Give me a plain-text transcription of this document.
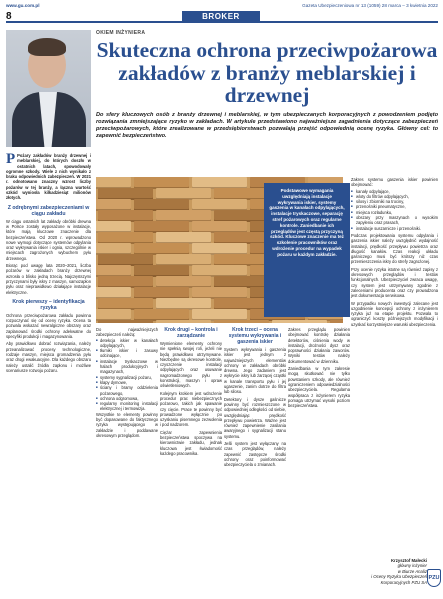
www.gu.com.pl	Gazeta Ubezpieczeniowa nr 13 (1059) 28 marca – 3 kwietnia 2022
8	BROKER

P Pożary zakładów branży drzewnej i meblarskiej, do których doszło w ostatnich latach, spowodowały ogromne szkody. Wiele z nich wynikało z braku odpowiednich zabezpieczeń. W 2021 r. odnotowano znaczny wzrost liczby pożarów w tej branży, a łączna wartość szkód wyniosła kilkadziesiąt milionów złotych.

Z odrębnymi zabezpieczeniami w ciągu zakładu

W ciągu ostatnich lat zakłady obróbki drewna w Polsce zostały wyposażone w instalacje, które mają kluczowe znaczenie dla bezpieczeństwa. Od 2020 r. wprowadzono nowe wymogi dotyczące systemów odpylania oraz wykrywania iskier i ognia, szczególnie w miejscach zagrożonych wybuchem pyłu drzewnego.

Biorąc pod uwagę lata 2020–2021, liczba pożarów w zakładach branży drzewnej wzrosła o blisko jedną trzecią. Najczęstszymi przyczynami były iskry z maszyn, samozapłon pyłu oraz nieprawidłowo działające instalacje elektryczne.

Krok pierwszy – identyfikacja ryzyka

Ochrona przeciwpożarowa zakładu powinna rozpoczynać się od oceny ryzyka. Ocena ta pozwala wskazać newralgiczne obszary oraz zaplanować środki ochrony adekwatne do specyfiki produkcji i magazynowania.

Aby prawidłowo dobrać rozwiązania, należy przeanalizować procesy technologiczne, rodzaje maszyn, miejsca gromadzenia pyłu oraz drogi ewakuacyjne. Dla każdego obszaru należy ustalić źródła zapłonu i możliwe scenariusze rozwoju pożaru.

OKIEM INŻYNIERA
Skuteczna ochrona przeciwpożarowa zakładów z branży meblarskiej i drzewnej

Do sfery kluczowych osób z branży drzewnej i meblarskiej, w tym ubezpieczanych korporacyjnych z powodzeniem podjęto rozwiązania zmniejszające ryzyko w zakładach. W artykule przedstawiono najważniejsze zagadnienia dotyczące zabezpieczeń przeciwpożarowych, które zrealizowane w przedsiębiorstwach pozwalają przejść odpowiednią ocenę ryzyka. Główny cel: to zapewnić bezpieczeństwo.

Podstawowe wymagania uwzględniają instalacje wykrywania iskier, systemy gaszenia w kanałach odpylających, instalacje tryskaczowe, separację stref pożarowych oraz regularne kontrole. Zaniedbanie ich przeglądów jest częstą przyczyną szkód. Kluczowe znaczenie ma też szkolenie pracowników oraz wdrożenie procedur na wypadek pożaru w każdym zakładzie.

Zakres systemu gaszenia iskier powinien obejmować:

■ kanały odpylające,
■ wloty do filtrów odpylających,
■ silosy i zbiorniki na trociny,
■ przenośniki pneumatyczne,
■ miejsca rozładunku,
■ obszary przy maszynach o wysokim zapyleniu oraz prasach,
■ instalacje suszarnicze i przenośniki.

Podczas projektowania systemu odpylania i gaszenia iskier należy uwzględnić wydajność instalacji, prędkość przepływu powietrza oraz długość kanałów. Czas reakcji układu gaśniczego musi być krótszy niż czas przemieszczenia iskry do strefy zagrożonej.

Przy ocenie ryzyka istotne są również zapisy z okresowych przeglądów i testów funkcjonalnych. Ubezpieczyciel zwraca uwagę, czy system jest utrzymywany zgodnie z zaleceniami producenta oraz czy prowadzona jest dokumentacja serwisowa.

W przypadku nowych inwestycji zalecane jest uzgodnienie koncepcji ochrony z inżynierem ryzyka już na etapie projektu. Pozwala to ograniczyć koszty późniejszych modyfikacji i uzyskać korzystniejsze warunki ubezpieczenia.

Do najważniejszych zabezpieczeń należą:

■ detekcja iskier w kanałach odpylających,
■ tłumiki iskier i zasuwy odcinające,
■ instalacje tryskaczowe w halach produkcyjnych i magazynach,
■ systemy sygnalizacji pożaru,
■ klapy dymowe,
■ ściany i bramy oddzielenia pożarowego,
■ ochrona odgromowa,
■ regularny monitoring instalacji elektrycznej i termowizja.

Wszystkie te elementy powinny być dopasowane do faktycznego ryzyka występującego w zakładzie i poddawane okresowym przeglądom.

Krok drugi – kontrola i zarządzanie

Wymienione elementy ochrony nie spełnią swojej roli, jeżeli nie będą prawidłowo utrzymywane. Niezbędne są okresowe kontrole, czyszczenie instalacji odpylających oraz usuwanie nagromadzonego pyłu z konstrukcji, maszyn i opraw oświetleniowych.

Kolejnym krokiem jest wdrożenie procedur prac niebezpiecznych pożarowo, takich jak spawanie czy cięcie. Prace te powinny być prowadzone wyłącznie po uzyskaniu pisemnego zezwolenia i pod nadzorem.

Ciężar zapewnienia bezpieczeństwa spoczywa na kierownictwie zakładu, jednak kluczowa jest świadomość każdego pracownika.

Krok trzeci – ocena systemu wykrywania i gaszenia iskier

System wykrywania i gaszenia iskier jest jednym z najważniejszych elementów ochrony w zakładach obróbki drewna. Jego zadaniem jest wykrycie iskry lub żarzącej cząstki w kanale transportu pyłu i jej ugaszenie, zanim dotrze do filtra lub silosu.

Detektory i dysze gaśnicze powinny być rozmieszczone w odpowiedniej odległości od siebie, uwzględniając prędkość przepływu powietrza. Ważne jest również zapewnienie zasilania awaryjnego i sygnalizacji stanu systemu.

Jeśli system jest wyłączany na czas przeglądów, należy zapewnić zastępcze środki ochrony oraz poinformować ubezpieczyciela o zmianach.

Zakres przeglądu powinien obejmować kontrolę działania detektorów, ciśnienia wody w instalacji, drożności dysz oraz poprawności działania zaworów. Wyniki testów należy dokumentować w dzienniku.

Zaniedbania w tym zakresie mogą skutkować nie tylko powstaniem szkody, ale również ograniczeniem odpowiedzialności ubezpieczyciela. Regularna współpraca z inżynierem ryzyka pomaga utrzymać wysoki poziom bezpieczeństwa.

Krzysztof Małecki
główny inżynier
w Biurze Analiz
i Oceny Ryzyka Ubezpieczeń Korporacyjnych PZU SA
PZU
